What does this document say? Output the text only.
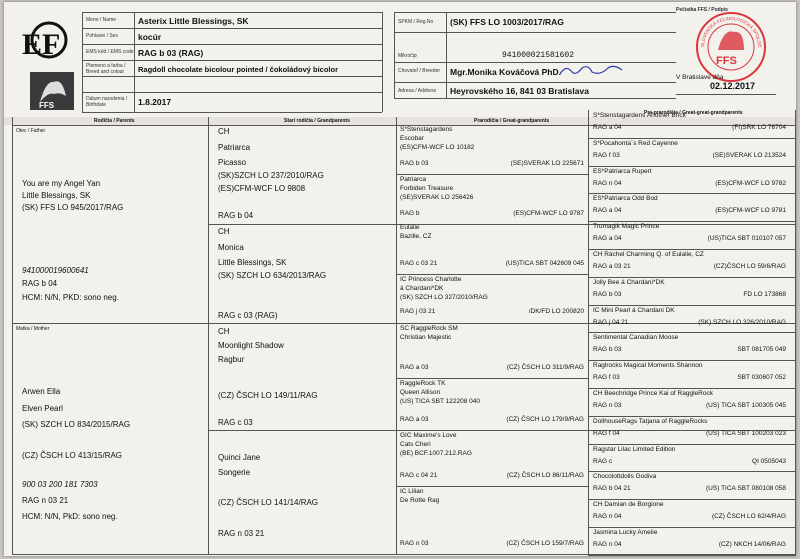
E F
FFS
Meno / Name	Asterix Little Blessings, SK
Pohlavie / Sex kocúr
EMS kód / EMS code RAG b 03 (RAG)
Plemeno a farba / Breed and colour	Ragdoll chocolate bicolour pointed / čokoládový bicolor
Dátum narodenia / Birthdate	1.8.2017
SPKM / Reg.No (SK) FFS LO 1003/2017/RAG
Mikročip	941000021581602
Chovateľ / Breeder	Mgr.Monika Kováčová PhD.
Adresa / Address Heyrovského 16, 841 03 Bratislava
Pečiatka FFS / Podpis
FFS
SLOVENSKÁ FELINOLOGICKÁ SPOLOČ
V Bratislave dňa
02.12.2017
Rodičia / Parents	Starí rodičia / Grandparents	Prarodičia / Great-grandparents
Pra-prarodičia / Great-great-grandparents
Otec / Father
You are my Angel Yan
Little Blessings, SK
(SK) FFS LO 945/2017/RAG
941000019600641
RAG b 04
HCM: N/N, PKD: sono neg.
Matka / Mother
Arwen Ella
Elven Pearl
(SK) SZCH LO 834/2015/RAG
(CZ) ČSCH LO 413/15/RAG
900 03 200 181 7303
RAG n 03 21
HCM: N/N, PkD: sono neg.
CH
Patriarca
Picasso
(SK)SZCH LO 237/2010/RAG
(ES)CFM-WCF LO 9808
RAG b 04
CH
Monica
Little Blessings, SK
(SK) SZCH LO 634/2013/RAG
RAG c 03 (RAG)
CH
Moonlight Shadow
Ragbur
(CZ) ČSCH LO 149/11/RAG
RAG c 03
Quinci Jane
Songerie
(CZ) ČSCH LO 141/14/RAG
RAG n 03 21
S*Stenstagardens
Escobar
(ES)CFM-WCF LO 10182
RAG b 03	(SE)SVERAK LO 225671
Patriarca
Forbiden Treasure
(SE)SVERAK LO 256426
RAG b	(ES)CFM-WCF LO 9787
Eulalie
Bazille, CZ
RAG c 03 21	(US)TICA SBT 042609 045
IC Princess Charlotte
á Chardani*DK
(SK) SZCH LO 327/2010/RAG
RAG j 03 21	/DK/FD LO 200820
SC RaggleRock SM
Christian Majestic
RAG a 03	(CZ) ČSCH LO 311/9/RAG
RaggleRock TK
Queen Allison
(US) TICA SBT 122208 040
RAG a 03	(CZ) ČSCH LO 179/9/RAG
GIC Maxime's Love
Cats Cheri
(BE) BCF.1007.212.RAG
RAG c 04 21	(CZ) ČSCH LO 86/11/RAG
IC Lilian
De Rotte Rag
RAG n 03	(CZ) ČSCH LO 159/7/RAG
S*Stenstagardens Another Brick
RAG a 04	(FI)SRK LO 76704
S*Pocahonta´s Red Cayenne
RAG f 03	(SE)SVERAK LO 213524
ES*Patriarca Rupert
RAG n 04	(ES)CFM-WCF LO 9782
ES*Patriarca Odd Bod
RAG a 04	(ES)CFM-WCF LO 9781
Trumagik Magic Prince
RAG a 04	(US)TICA SBT 010107 057
CH Ráchel Charming Q. of Eulalie, CZ
RAG a 03 21	(CZ)ČSCH LO 59/6/RAG
Jolly Bee á Chardani*DK
RAG b 03	FD LO 173868
IC Mini Pearl á Chardani DK
RAG j 04 21	(SK) SZCH LO 326/2010/RAG
Sentimental Canadian Moose
RAG b 03	SBT 081705 049
Raglrocks Magical Moments Shannon
RAG f 03	SBT 030607 052
CH Beechridge Prince Kai of RaggleRock
RAG n 03	(US) TICA SBT 100305 045
DollhouseRags Tatjana of RaggleRocks
RAG f 04	(US) TICA SBT 100203 023
Ragstar Lilac Limited Edition
RAG c	QI 0505043
Chocolottdolls Godiva
RAG b 04 21	(US) TICA SBT 080108 058
CH Damian de Borgione
RAG n 04	(CZ) ČSCH LO 62/4/RAG
Jasmina Lucky Amelie
RAG n 04	(CZ) NKCH 14/06/RAG
